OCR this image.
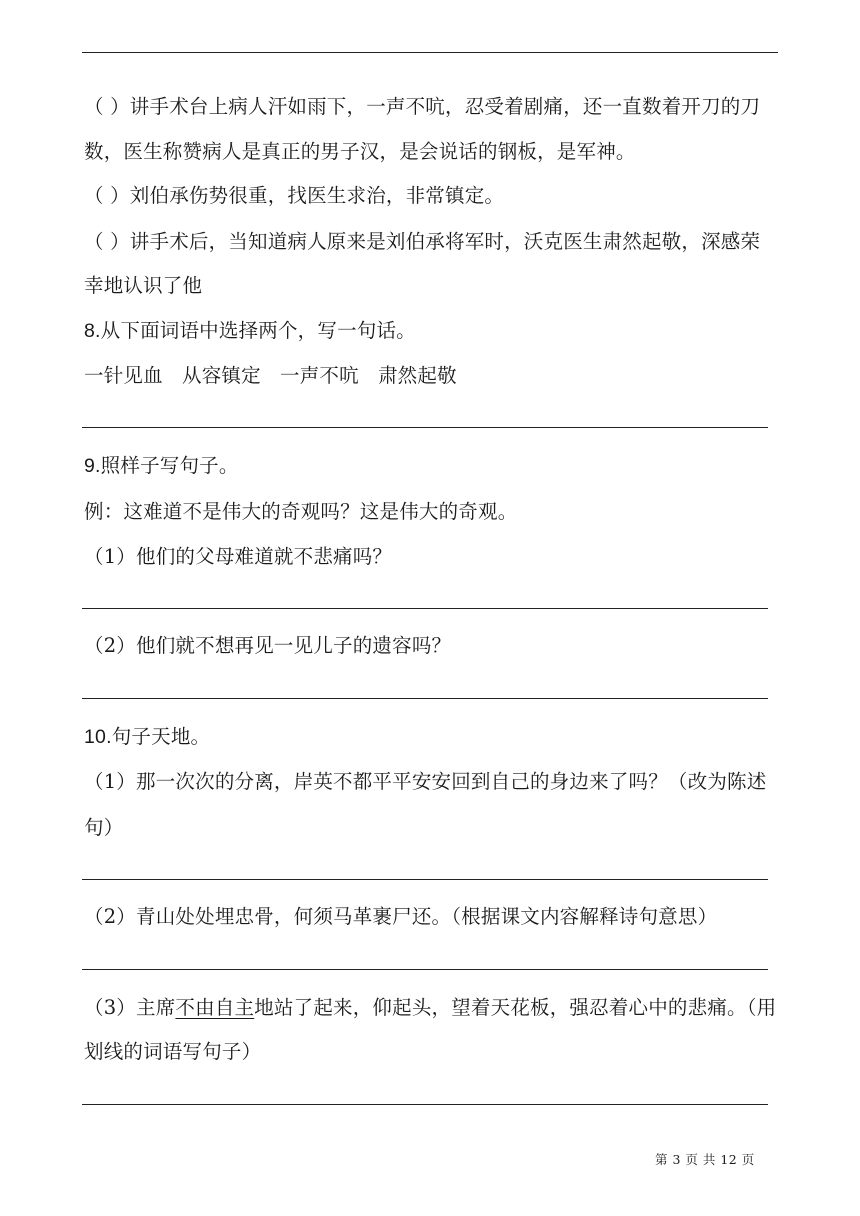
（ ）讲手术台上病人汗如雨下，一声不吭，忍受着剧痛，还一直数着开刀的刀
数，医生称赞病人是真正的男子汉，是会说话的钢板，是军神。
（ ）刘伯承伤势很重，找医生求治，非常镇定。
（ ）讲手术后，当知道病人原来是刘伯承将军时，沃克医生肃然起敬，深感荣
幸地认识了他
8.从下面词语中选择两个，写一句话。
一针见血   从容镇定   一声不吭   肃然起敬
9.照样子写句子。
例：这难道不是伟大的奇观吗？这是伟大的奇观。
（1）他们的父母难道就不悲痛吗？
（2）他们就不想再见一见儿子的遗容吗？
10.句子天地。
（1）那一次次的分离，岸英不都平平安安回到自己的身边来了吗？（改为陈述
句）
（2）青山处处埋忠骨，何须马革裹尸还。（根据课文内容解释诗句意思）
（3）主席不由自主地站了起来，仰起头，望着天花板，强忍着心中的悲痛。（用
划线的词语写句子）
第 3 页 共 12 页
